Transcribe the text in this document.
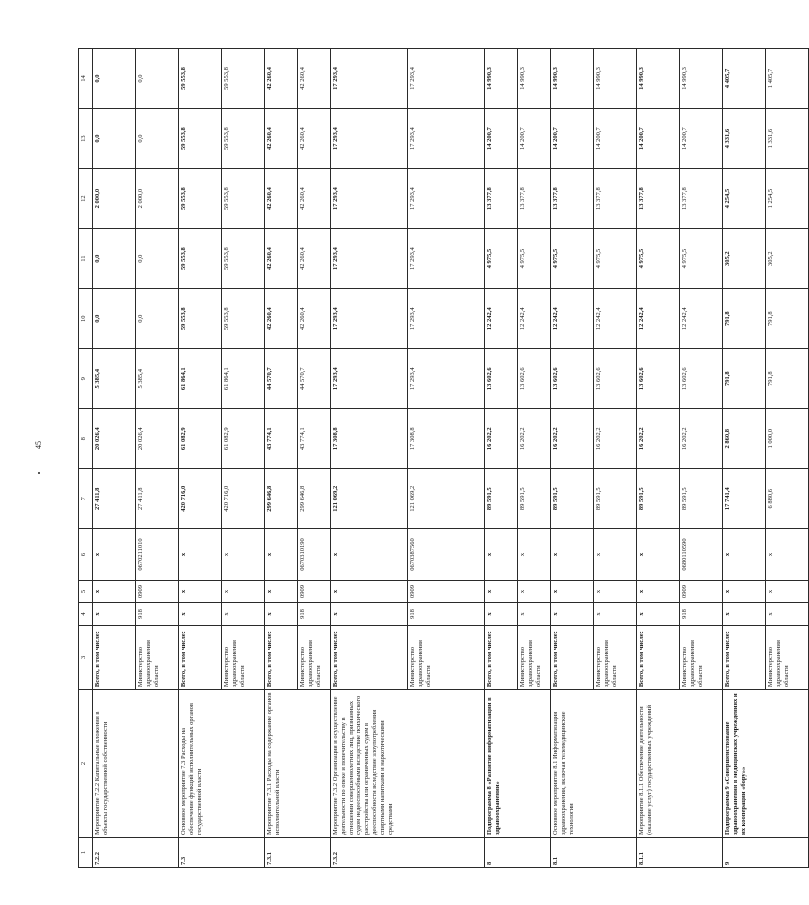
45
1	2	3	4	5	6	7	8	9	10	11	12	13	14
7.2.2	Мероприятие 7.2.2 Капитальные вложения в объекты государственной собственности	Всего, в том числе:	x	x	x	27 411,8	20 026,4	5 385,4	0,0	0,0	2 000,0	0,0	0,0
		Министерство здравоохранения области	918	0909	0670211010	27 411,8	20 026,4	5 385,4	0,0	0,0	2 000,0	0,0	0,0
7.3	Основное мероприятие 7.3 Расходы на обеспечение функций исполнительных органов государственной власти	Всего, в том числе:	x	x	x	420 716,0	61 082,9	61 864,1	59 553,8	59 553,8	59 553,8	59 553,8	59 553,8
		Министерство здравоохранения области	x	x	x	420 716,0	61 082,9	61 864,1	59 553,8	59 553,8	59 553,8	59 553,8	59 553,8
7.3.1	Мероприятие 7.3.1 Расходы на содержание органов исполнительной власти	Всего, в том числе:	x	x	x	299 646,8	43 774,1	44 570,7	42 260,4	42 260,4	42 260,4	42 260,4	42 260,4
		Министерство здравоохранения области	918	0909	0670310190	299 646,8	43 774,1	44 570,7	42 260,4	42 260,4	42 260,4	42 260,4	42 260,4
7.3.2	Мероприятие 7.3.2 Организация и осуществление деятельности по опеке и попечительству в отношении совершеннолетних лиц, признанных судом недееспособными вследствие психического расстройства или ограниченных судом в дееспособности вследствие злоупотребления спиртными напитками и наркотическими средствами	Всего, в том числе:	x	x	x	121 069,2	17 308,8	17 293,4	17 293,4	17 293,4	17 293,4	17 293,4	17 293,4
		Министерство здравоохранения области	918	0909	0670387560	121 069,2	17 308,8	17 293,4	17 293,4	17 293,4	17 293,4	17 293,4	17 293,4
8	Подпрограмма 8 «Развитие информатизации в здравоохранении»	Всего, в том числе:	x	x	x	89 591,5	16 202,2	13 602,6	12 242,4	4 975,5	13 377,8	14 200,7	14 990,3
		Министерство здравоохранения области	x	x	x	89 591,5	16 202,2	13 602,6	12 242,4	4 975,5	13 377,8	14 200,7	14 990,3
8.1	Основное мероприятие 8.1 Информатизация здравоохранения, включая телемедицинские технологии	Всего, в том числе:	x	x	x	89 591,5	16 202,2	13 602,6	12 242,4	4 975,5	13 377,8	14 200,7	14 990,3
		Министерство здравоохранения области	x	x	x	89 591,5	16 202,2	13 602,6	12 242,4	4 975,5	13 377,8	14 200,7	14 990,3
8.1.1	Мероприятие 8.1.1 Обеспечение деятельности (оказание услуг) государственных учреждений	Всего, в том числе:	x	x	x	89 591,5	16 202,2	13 602,6	12 242,4	4 975,5	13 377,8	14 200,7	14 990,3
		Министерство здравоохранения области	918	0909	0680110590	89 591,5	16 202,2	13 602,6	12 242,4	4 975,5	13 377,8	14 200,7	14 990,3
9	Подпрограмма 9 «Совершенствование здравоохранения в медицинских учреждениях и их кооперации «бору»»	Всего, в том числе:	x	x	x	17 741,4	2 860,8	791,8	791,8	305,2	4 254,5	4 331,6	4 405,7
		Министерство здравоохранения области	x	x	x	6 880,6	1 000,0	791,8	791,8	305,2	1 254,5	1 331,6	1 405,7
